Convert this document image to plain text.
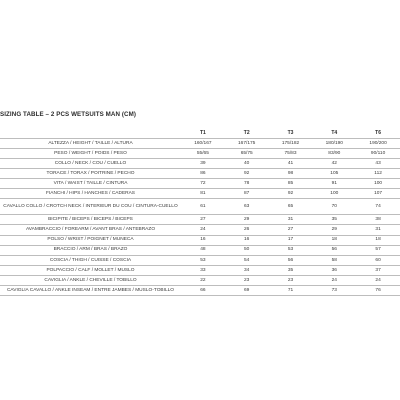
SIZING TABLE – 2 PCS WETSUITS MAN (CM)
	T1	T2	T3	T4	T6
ALTEZZA / HEIGHT / TAILLE / ALTURA	160/167	167/175	175/182	180/190	190/200
PESO / WEIGHT / POIDS / PESO	55/65	65/75	75/83	83/90	90/110
COLLO / NECK / COU / CUELLO	39	40	41	42	43
TORACE / TORAX / POITRINE / PECHO	86	92	98	105	112
VITA / WAIST / TAILLE / CINTURA	72	78	85	91	100
FIANCHI / HIPS / HANCHES / CADERAS	81	87	92	100	107
CAVALLO COLLO / CROTCH NECK / INTERIEUR DU COU / CINTURA-CUELLO	61	63	65	70	74
BICIPITE / BICEPS / BICEPS / BICEPS	27	29	31	35	38
AVAMBRACCIO / FOREARM / AVANT BRAS / ANTEBRAZO	24	26	27	29	31
POLSO / WRIST / POIGNET / MUNECA	16	16	17	18	18
BRACCIO / ARM / BRAS / BRAZO	48	50	53	56	57
COSCIA / THIGH / CUISSE / COSCIA	53	54	56	58	60
POLPACCIO / CALF / MOLLET / MUSLO	33	34	35	36	37
CAVIGLIA / ANKLE / CHEVILLE / TOBILLO	22	23	23	24	24
CAVIGLIA CAVALLO / ANKLE INSEAM / ENTRE JAMBES / MUSLO-TOBILLO	66	69	71	73	76
